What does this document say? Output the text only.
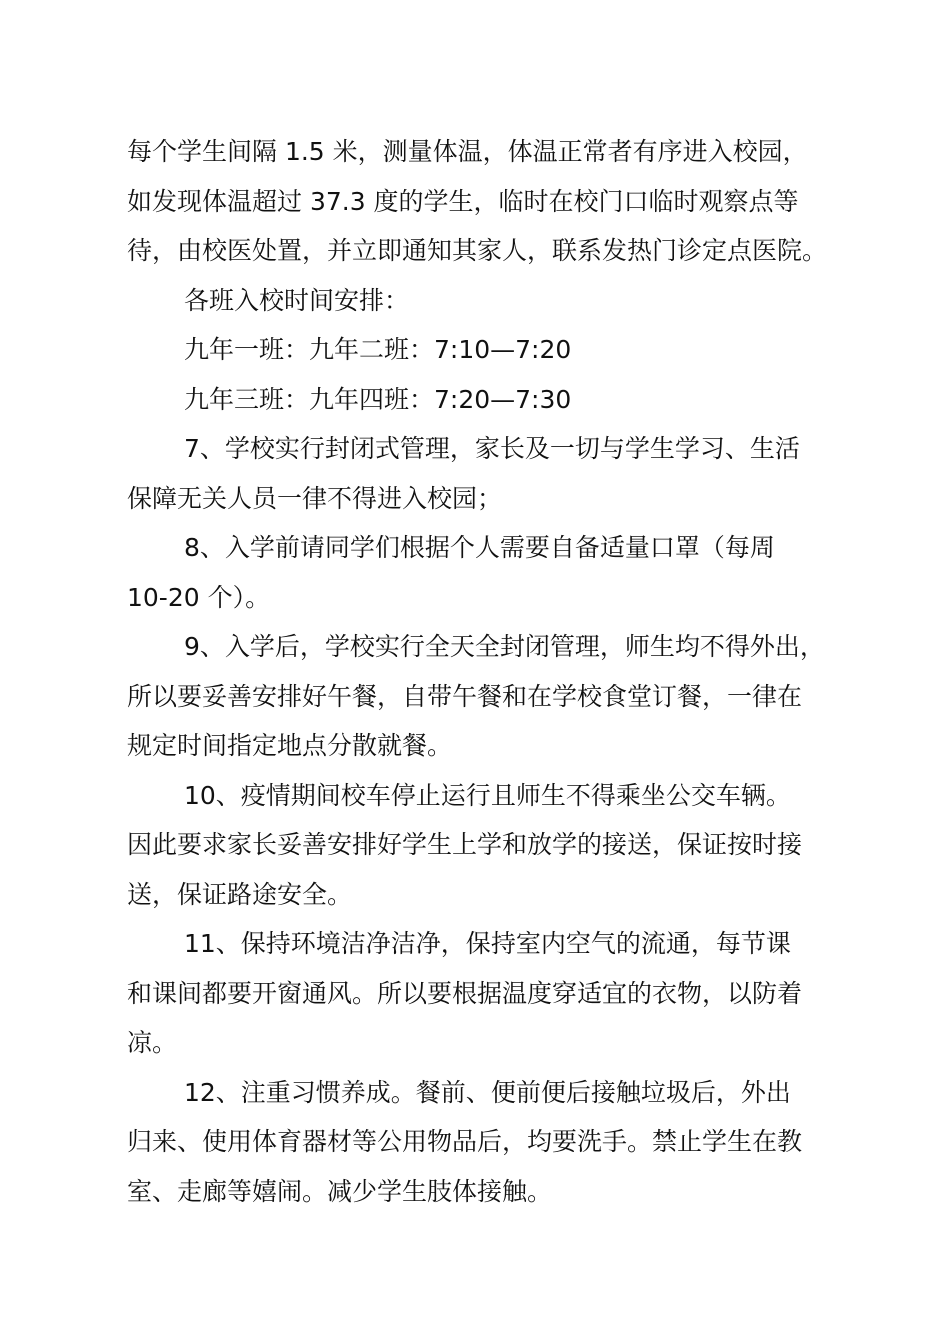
每个学生间隔 1.5 米，测量体温，体温正常者有序进入校园，
如发现体温超过 37.3 度的学生，临时在校门口临时观察点等
待，由校医处置，并立即通知其家人，联系发热门诊定点医院。
各班入校时间安排：
九年一班：九年二班：7:10—7:20
九年三班：九年四班：7:20—7:30
7、学校实行封闭式管理，家长及一切与学生学习、生活
保障无关人员一律不得进入校园；
8、入学前请同学们根据个人需要自备适量口罩（每周
10-20 个）。
9、入学后，学校实行全天全封闭管理，师生均不得外出，
所以要妥善安排好午餐，自带午餐和在学校食堂订餐，一律在
规定时间指定地点分散就餐。
10、疫情期间校车停止运行且师生不得乘坐公交车辆。
因此要求家长妥善安排好学生上学和放学的接送，保证按时接
送，保证路途安全。
11、保持环境洁净洁净，保持室内空气的流通，每节课
和课间都要开窗通风。所以要根据温度穿适宜的衣物，以防着
凉。
12、注重习惯养成。餐前、便前便后接触垃圾后，外出
归来、使用体育器材等公用物品后，均要洗手。禁止学生在教
室、走廊等嬉闹。减少学生肢体接触。
